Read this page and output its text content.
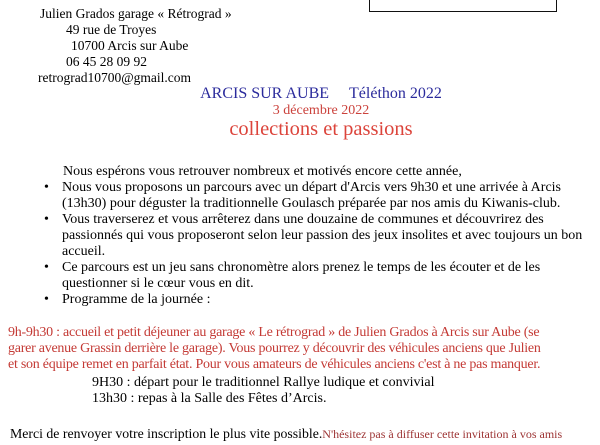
Julien Grados garage « Rétrograd »
49 rue de Troyes
10700 Arcis sur Aube
06 45 28 09 92
retrograd10700@gmail.com
ARCIS SUR AUBE Téléthon 2022
3 décembre 2022
collections et passions
Nous espérons vous retrouver nombreux et motivés encore cette année,
• Nous vous proposons un parcours avec un départ d'Arcis vers 9h30 et une arrivée à Arcis (13h30) pour déguster la traditionnelle Goulasch préparée par nos amis du Kiwanis-club.
• Vous traverserez et vous arrêterez dans une douzaine de communes et découvrirez des passionnés qui vous proposeront selon leur passion des jeux insolites et avec toujours un bon accueil.
• Ce parcours est un jeu sans chronomètre alors prenez le temps de les écouter et de les questionner si le cœur vous en dit.
• Programme de la journée :
9h-9h30 : accueil et petit déjeuner au garage « Le rétrograd » de Julien Grados à Arcis sur Aube (se
garer avenue Grassin derrière le garage). Vous pourrez y découvrir des véhicules anciens que Julien
et son équipe remet en parfait état. Pour vous amateurs de véhicules anciens c'est à ne pas manquer.
9H30 : départ pour le traditionnel Rallye ludique et convivial
13h30 : repas à la Salle des Fêtes d’Arcis.
Merci de renvoyer votre inscription le plus vite possible.N'hésitez pas à diffuser cette invitation à vos amis
